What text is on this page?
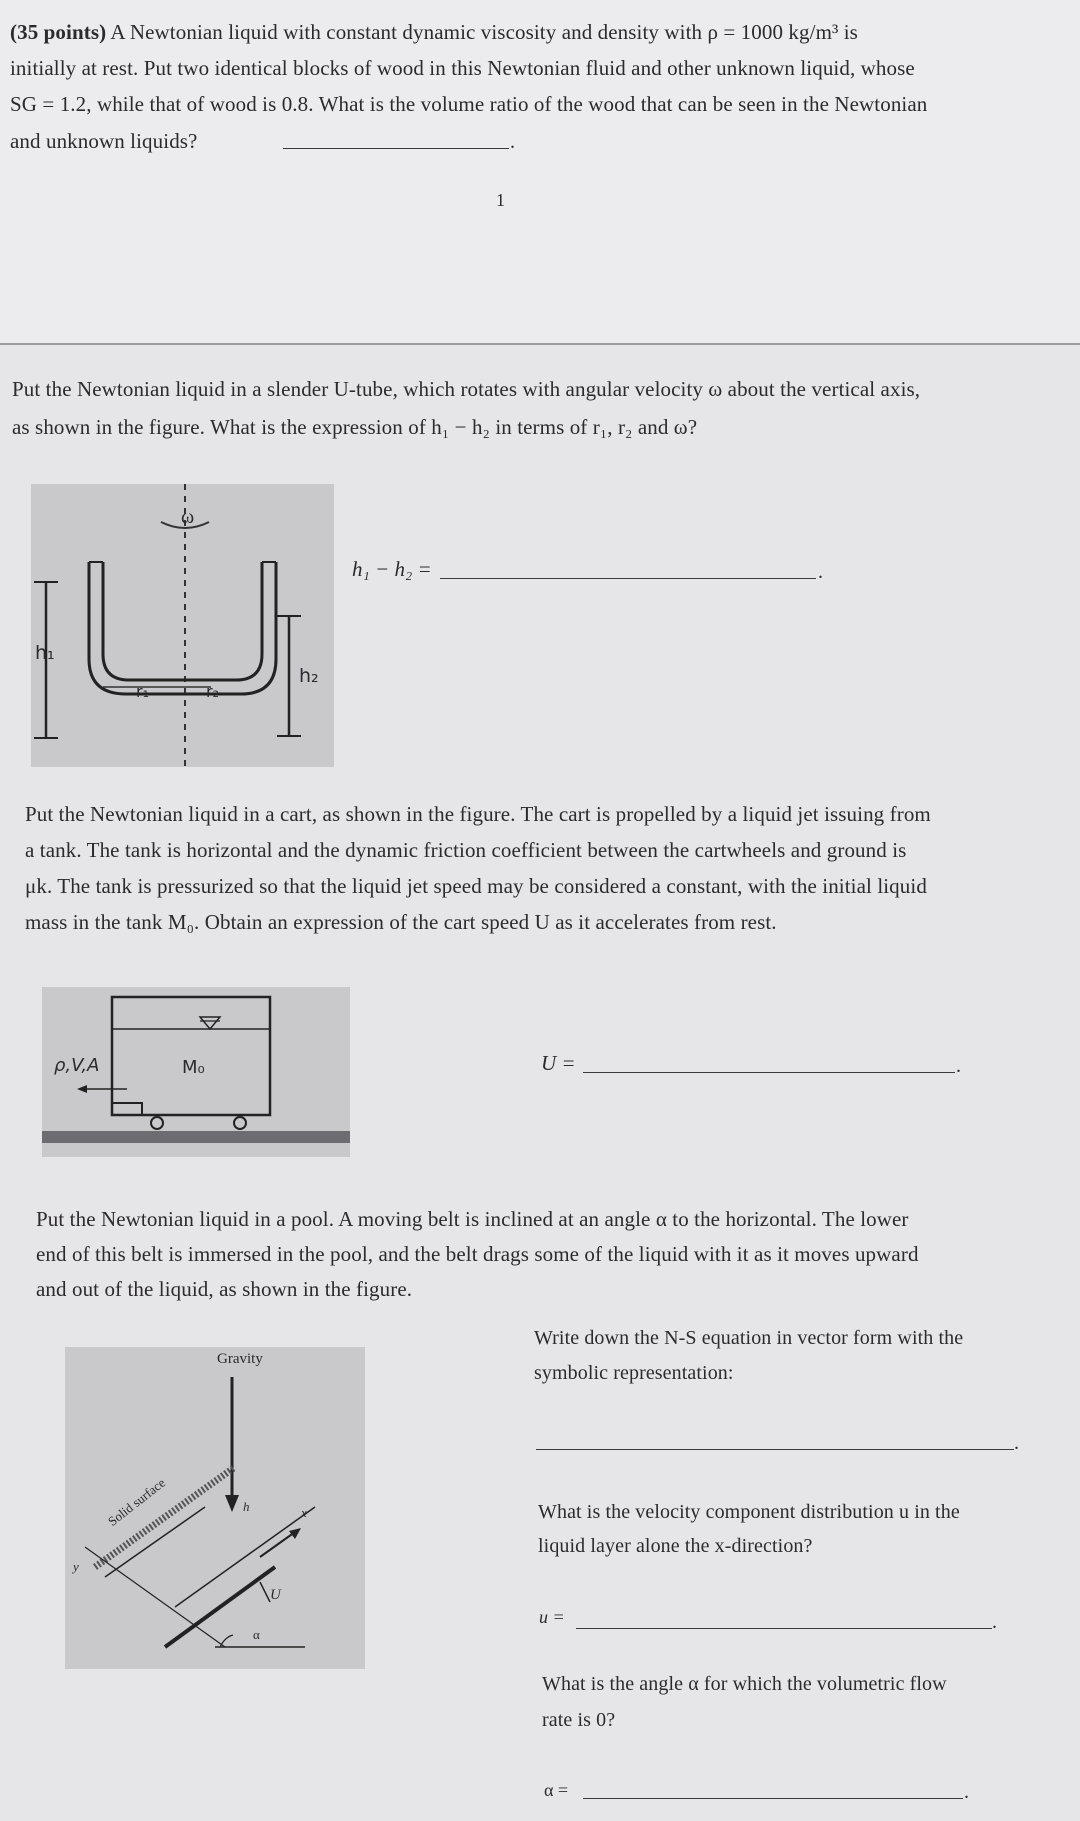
(35 points) A Newtonian liquid with constant dynamic viscosity and density with ρ = 1000 kg/m³ is
initially at rest. Put two identical blocks of wood in this Newtonian fluid and other unknown liquid, whose
SG = 1.2, while that of wood is 0.8. What is the volume ratio of the wood that can be seen in the Newtonian
and unknown liquids?	.
1
Put the Newtonian liquid in a slender U-tube, which rotates with angular velocity ω about the vertical axis,
as shown in the figure. What is the expression of h₁ − h₂ in terms of r₁, r₂ and ω?
ω
h₁
h₂
r₁	r₂
h₁ − h₂ =	.
Put the Newtonian liquid in a cart, as shown in the figure. The cart is propelled by a liquid jet issuing from
a tank. The tank is horizontal and the dynamic friction coefficient between the cartwheels and ground is
μk. The tank is pressurized so that the liquid jet speed may be considered a constant, with the initial liquid
mass in the tank M₀. Obtain an expression of the cart speed U as it accelerates from rest.
ρ,V,A	M₀	U =	.
Put the Newtonian liquid in a pool. A moving belt is inclined at an angle α to the horizontal. The lower
end of this belt is immersed in the pool, and the belt drags some of the liquid with it as it moves upward
and out of the liquid, as shown in the figure.
Gravity
Solid surface	h	x
y
U
α
Write down the N-S equation in vector form with the
symbolic representation:
.
What is the velocity component distribution u in the
liquid layer alone the x-direction?
u =	.
What is the angle α for which the volumetric flow
rate is 0?
α =	.
